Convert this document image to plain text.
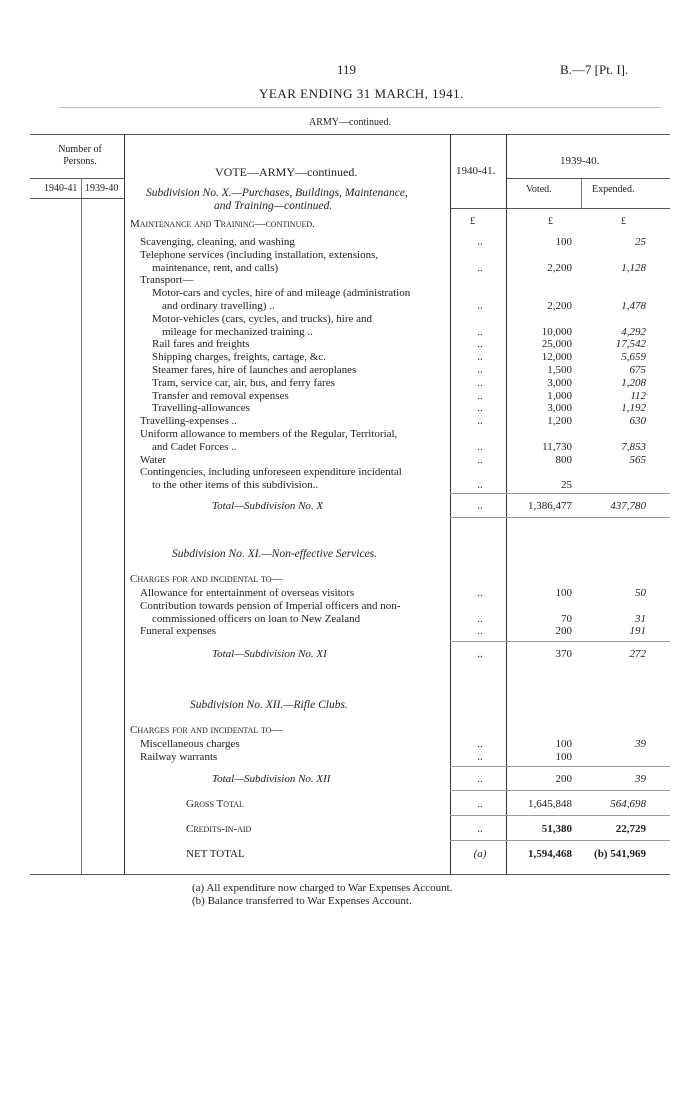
119	B.—7 [Pt. I].
YEAR ENDING 31 MARCH, 1941.
ARMY—continued.
Number of Persons.
1940-41 1939-40
VOTE—ARMY—continued.	1940-41.
1939-40.
Voted.	Expended.
£	£	£
Subdivision No. X.—Purchases, Buildings, Maintenance,
and Training—continued.
Maintenance and Training—continued.
Scavenging, cleaning, and washing	..	100	25
Telephone services (including installation, extensions,
maintenance, rent, and calls)	..	2,200	1,128
Transport—
Motor-cars and cycles, hire of and mileage (administration
and ordinary travelling) ..	..	2,200	1,478
Motor-vehicles (cars, cycles, and trucks), hire and
mileage for mechanized training ..	..	10,000	4,292
Rail fares and freights	..	25,000	17,542
Shipping charges, freights, cartage, &c.	..	12,000	5,659
Steamer fares, hire of launches and aeroplanes	..	1,500	675
Tram, service car, air, bus, and ferry fares	..	3,000	1,208
Transfer and removal expenses	..	1,000	112
Travelling-allowances	..	3,000	1,192
Travelling-expenses ..	..	1,200	630
Uniform allowance to members of the Regular, Territorial,
and Cadet Forces ..	..	11,730	7,853
Water	..	800	565
Contingencies, including unforeseen expenditure incidental
to the other items of this subdivision..	..	25
Total—Subdivision No. X	..	1,386,477	437,780
Subdivision No. XI.—Non-effective Services.
Charges for and incidental to—
Allowance for entertainment of overseas visitors	..	100	50
Contribution towards pension of Imperial officers and non-
commissioned officers on loan to New Zealand	..	70	31
Funeral expenses	..	200	191
Total—Subdivision No. XI	..	370	272
Subdivision No. XII.—Rifle Clubs.
Charges for and incidental to—
Miscellaneous charges	..	100	39
Railway warrants	..	100
Total—Subdivision No. XII	..	200	39
Gross Total	..	1,645,848	564,698
Credits-in-aid	..	51,380	22,729
NET TOTAL	(a)	1,594,468 (b) 541,969
(a) All expenditure now charged to War Expenses Account.
(b) Balance transferred to War Expenses Account.
